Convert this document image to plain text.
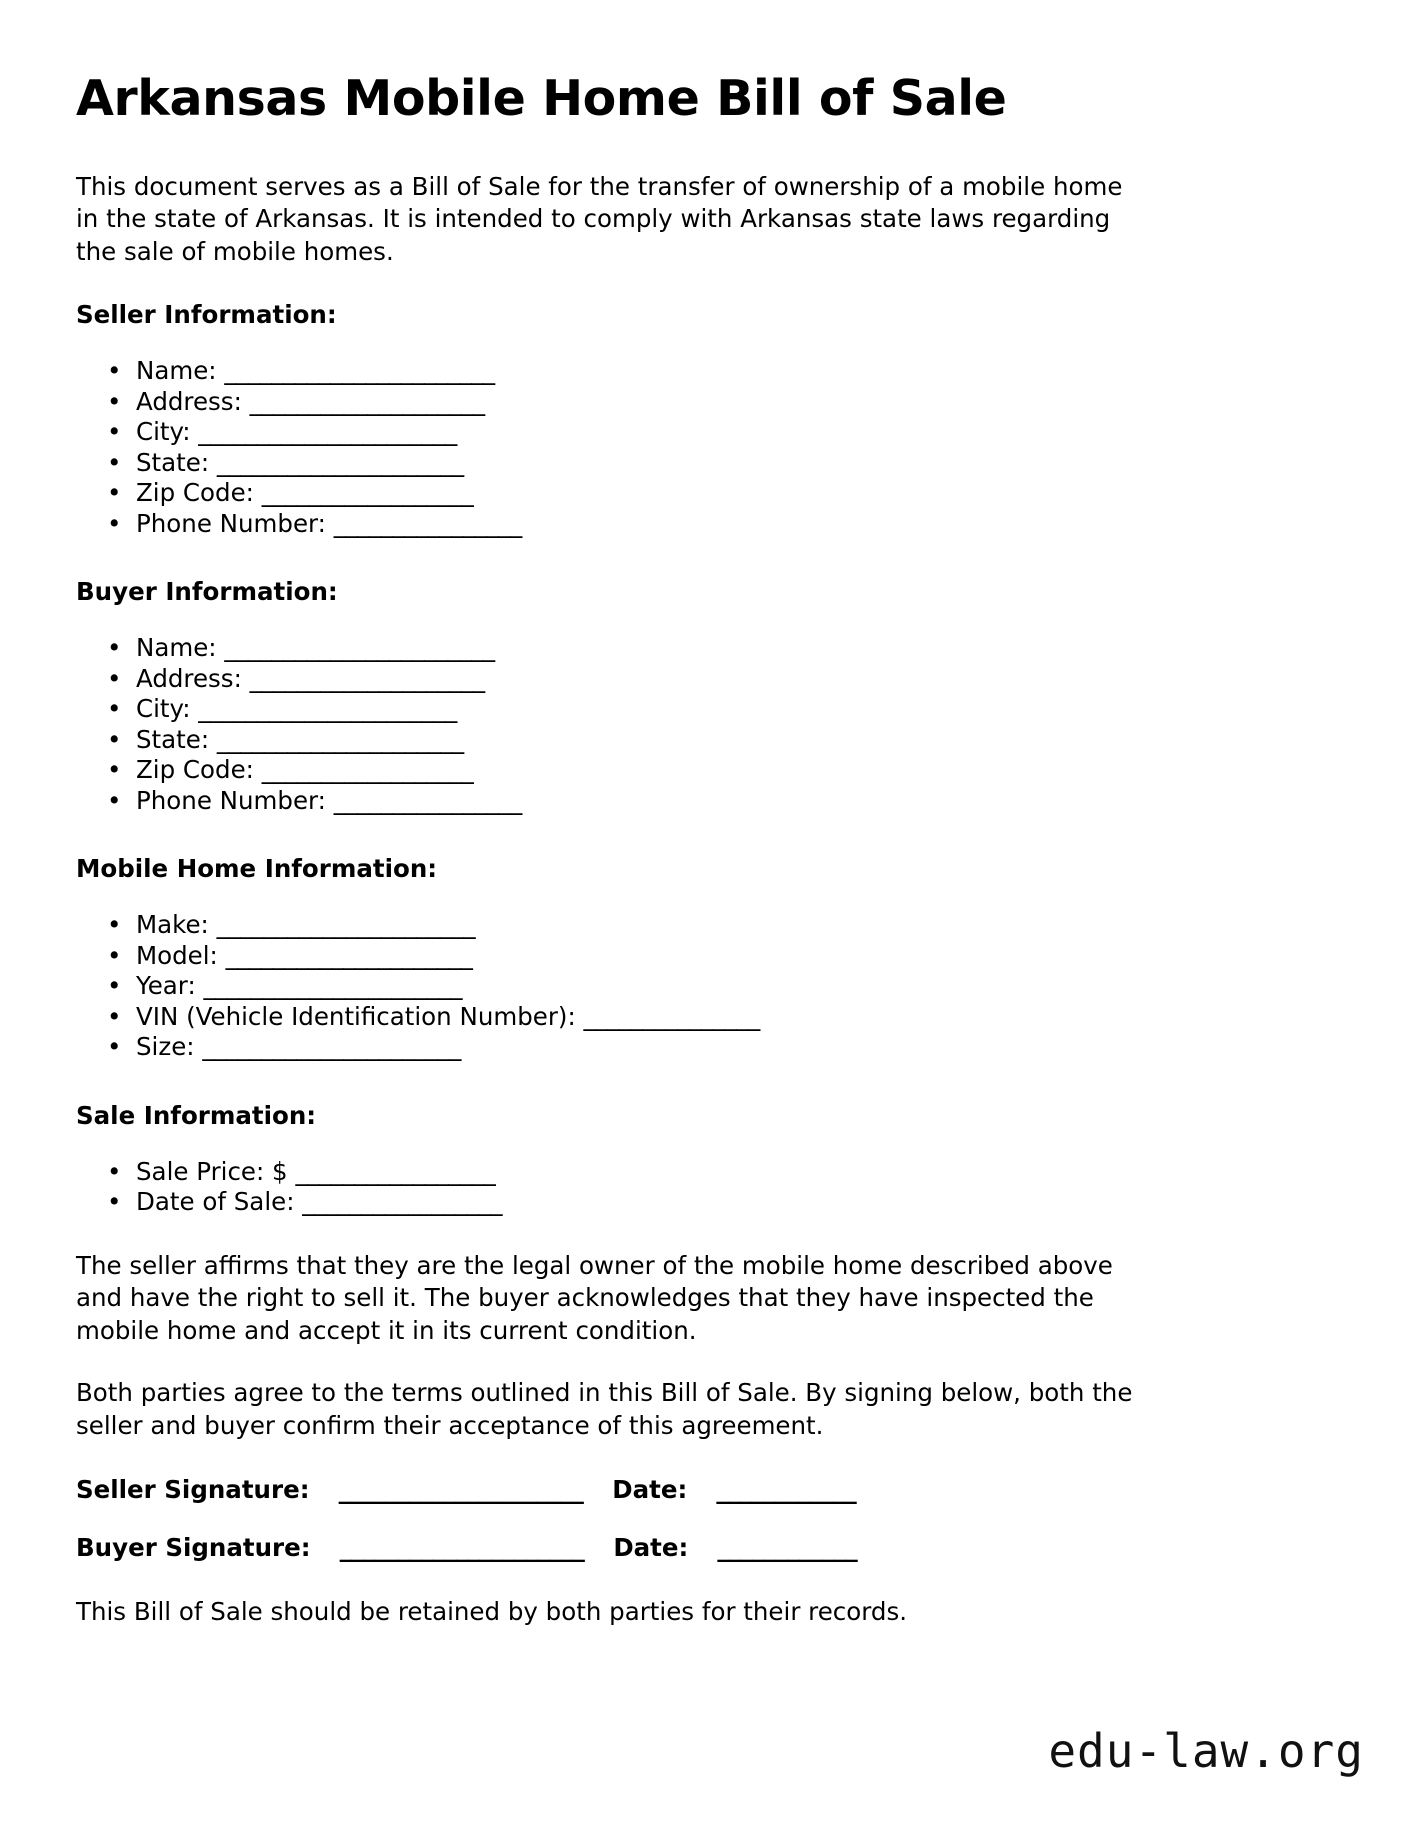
Arkansas Mobile Home Bill of Sale

This document serves as a Bill of Sale for the transfer of ownership of a mobile home in the state of Arkansas. It is intended to comply with Arkansas state laws regarding the sale of mobile homes.

Seller Information:
• Name: _______________________
• Address: ____________________
• City: ______________________
• State: _____________________
• Zip Code: __________________
• Phone Number: ________________
Buyer Information:
• Name: _______________________
• Address: ____________________
• City: ______________________
• State: _____________________
• Zip Code: __________________
• Phone Number: ________________
Mobile Home Information:
• Make: ______________________
• Model: _____________________
• Year: ______________________
• VIN (Vehicle Identification Number): _______________
• Size: ______________________
Sale Information:
• Sale Price: $ _________________
• Date of Sale: _________________

The seller affirms that they are the legal owner of the mobile home described above and have the right to sell it. The buyer acknowledges that they have inspected the mobile home and accept it in its current condition.

Both parties agree to the terms outlined in this Bill of Sale. By signing below, both the seller and buyer confirm their acceptance of this agreement.

Seller Signature: _____________________ Date: ____________
Buyer Signature: _____________________ Date: ____________

This Bill of Sale should be retained by both parties for their records.

edu-law.org
